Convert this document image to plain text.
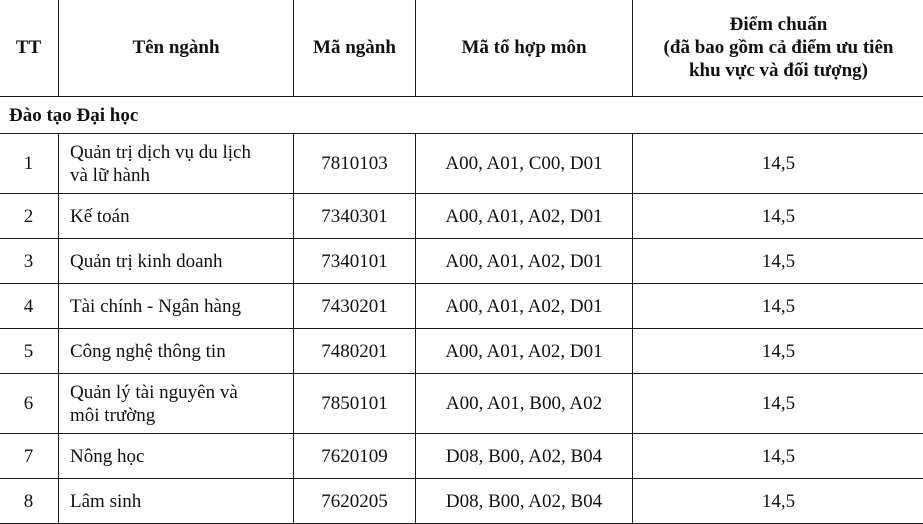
TT	Tên ngành	Mã ngành	Mã tổ hợp môn	Điểm chuẩn
(đã bao gồm cả điểm ưu tiên
khu vực và đối tượng)

Đào tạo Đại học				
1	Quản trị dịch vụ du lịch
và lữ hành	7810103	A00, A01, C00, D01	14,5
2	Kế toán	7340301	A00, A01, A02, D01	14,5
3	Quản trị kinh doanh	7340101	A00, A01, A02, D01	14,5
4	Tài chính - Ngân hàng	7430201	A00, A01, A02, D01	14,5
5	Công nghệ thông tin	7480201	A00, A01, A02, D01	14,5
6	Quản lý tài nguyên và
môi trường	7850101	A00, A01, B00, A02	14,5
7	Nông học	7620109	D08, B00, A02, B04	14,5
8	Lâm sinh	7620205	D08, B00, A02, B04	14,5
